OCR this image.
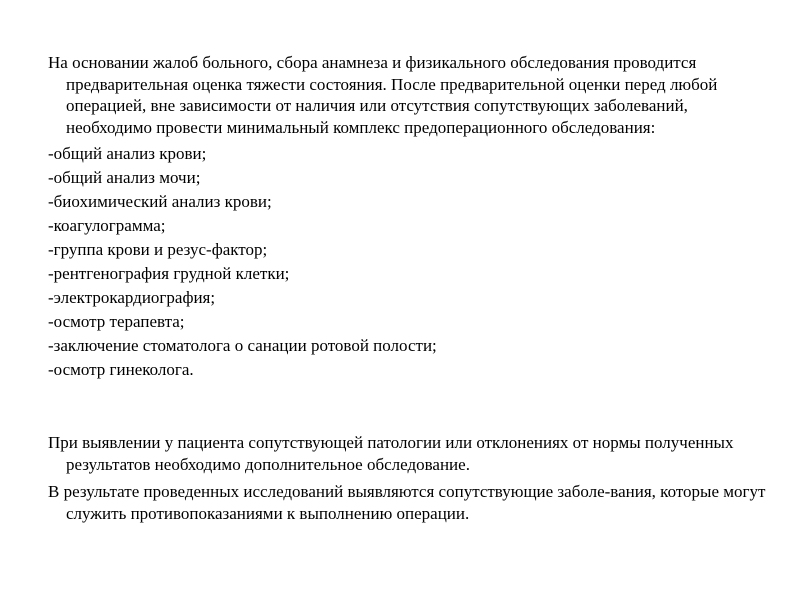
На основании жалоб больного, сбора анамнеза и физикального обследования проводится предварительная оценка тяжести состояния. После предварительной оценки перед любой операцией, вне зависимости от наличия или отсутствия сопутствующих заболеваний, необходимо провести минимальный комплекс предоперационного обследования:

-общий анализ крови;
-общий анализ мочи;
-биохимический анализ крови;
-коагулограмма;
-группа крови и резус-фактор;
-рентгенография грудной клетки;
-электрокардиография;
-осмотр терапевта;
-заключение стоматолога о санации ротовой полости;
-осмотр гинеколога.

При выявлении у пациента сопутствующей патологии или отклонениях от нормы полученных результатов необходимо дополнительное обследование.

В результате проведенных исследований выявляются сопутствующие заболе-вания, которые могут служить противопоказаниями к выполнению операции.
